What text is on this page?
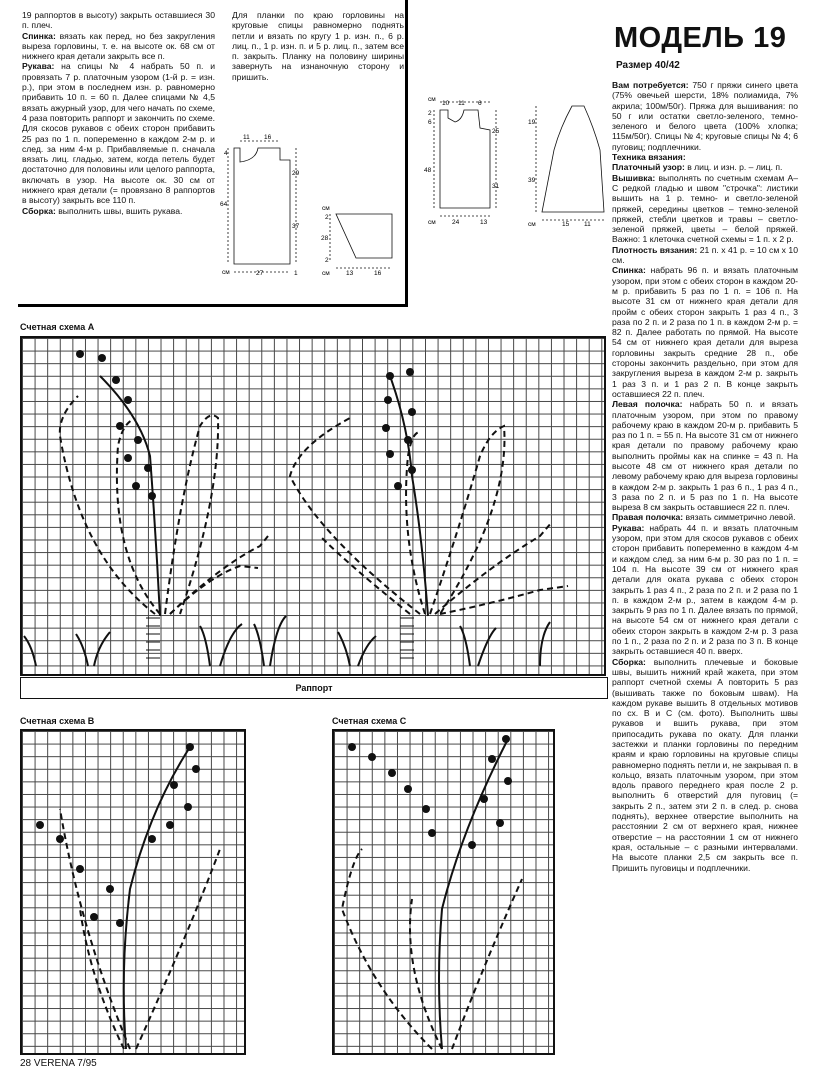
19 раппортов в высоту) закрыть оставшиеся 30 п. плеч.

Спинка: вязать как перед, но без закругления выреза горловины, т. е. на высоте ок. 68 см от нижнего края детали закрыть все п.

Рукава: на спицы № 4 набрать 50 п. и провязать 7 р. платочным узором (1-й р. = изн. р.), при этом в последнем изн. р. равномерно прибавить 10 п. = 60 п. Далее спицами № 4,5 вязать ажурный узор, для чего начать по схеме, 4 раза повторить раппорт и закончить по схеме. Для скосов рукавов с обеих сторон прибавить 25 раз по 1 п. попеременно в каждом 2-м р. и след. за ним 4-м р. Прибавляемые п. сначала вязать лиц. гладью, затем, когда петель будет достаточно для половины или целого раппорта, включать в узор. На высоте ок. 30 см от нижнего края детали (= провязано 8 раппортов в высоту) закрыть все 110 п.

Сборка: выполнить швы, вшить рукава.

Для планки по краю горловины на круговые спицы равномерно поднять петли и вязать по кругу 1 р. изн. п., 6 р. лиц. п., 1 р. изн. п. и 5 р. лиц. п., затем все п. закрыть. Планку на половину ширины завернуть на изнаночную сторону и пришить.

МОДЕЛЬ 19
Размер 40/42

Вам потребуется: 750 г пряжи синего цвета (75% овечьей шерсти, 18% полиамида, 7% акрила; 100м/50г). Пряжа для вышивания: по 50 г или остатки светло-зеленого, темно-зеленого и белого цвета (100% хлопка; 115м/50г). Спицы № 4; круговые спицы № 4; 6 пуговиц; подплечники.

Техника вязания:

Платочный узор: в лиц. и изн. р. – лиц. п.

Вышивка: выполнять по счетным схемам А–С редкой гладью и швом "строчка": листики вышить на 1 р. темно- и светло-зеленой пряжей, середины цветков – темно-зеленой пряжей, стебли цветков и травы – светло-зеленой пряжей, цветы – белой пряжей. Важно: 1 клеточка счетной схемы = 1 п. х 2 р.

Плотность вязания: 21 п. х 41 р. = 10 см х 10 см.

Спинка: набрать 96 п. и вязать платочным узором, при этом с обеих сторон в каждом 20-м р. прибавить 5 раз по 1 п. = 106 п. На высоте 31 см от нижнего края детали для пройм с обеих сторон закрыть 1 раз 4 п., 3 раза по 2 п. и 2 раза по 1 п. в каждом 2-м р. = 82 п. Далее работать по прямой. На высоте 54 см от нижнего края детали для выреза горловины закрыть средние 28 п., обе стороны закончить раздельно, при этом для закругления выреза в каждом 2-м р. закрыть 1 раз 3 п. и 1 раз 2 п. В конце закрыть оставшиеся 22 п. плеч.

Левая полочка: набрать 50 п. и вязать платочным узором, при этом по правому рабочему краю в каждом 20-м р. прибавить 5 раз по 1 п. = 55 п. На высоте 31 см от нижнего края детали по правому рабочему краю выполнить проймы как на спинке = 43 п. На высоте 48 см от нижнего края детали по левому рабочему краю для выреза горловины в каждом 2-м р. закрыть 1 раз 6 п., 1 раз 4 п., 3 раза по 2 п. и 5 раз по 1 п. На высоте выреза 8 см закрыть оставшиеся 22 п. плеч.

Правая полочка: вязать симметрично левой.

Рукава: набрать 44 п. и вязать платочным узором, при этом для скосов рукавов с обеих сторон прибавить попеременно в каждом 4-м и каждом след. за ним 6-м р. 30 раз по 1 п. = 104 п. На высоте 39 см от нижнего края детали для оката рукава с обеих сторон закрыть 1 раз 4 п., 2 раза по 2 п. и 2 раза по 1 п. в каждом 2-м р., затем в каждом 4-м р. закрыть 9 раз по 1 п. Далее вязать по прямой, на высоте 54 см от нижнего края детали с обеих сторон закрыть в каждом 2-м р. 3 раза по 1 п., 2 раза по 2 п. и 2 раза по 3 п. В конце закрыть оставшиеся 40 п. вверх.

Сборка: выполнить плечевые и боковые швы, вышить нижний край жакета, при этом раппорт счетной схемы А повторить 5 раз (вышивать также по боковым швам). На каждом рукаве вышить 8 отдельных мотивов по сх. В и С (см. фото). Выполнить швы рукавов и вшить рукава, при этом припосадить рукава по окату. Для планки застежки и планки горловины по передним краям и краю горловины на круговые спицы равномерно поднять петли и, не закрывая п. в кольцо, вязать платочным узором, при этом вдоль правого переднего края после 2 р. выполнить 6 отверстий для пуговиц (= закрыть 2 п., затем эти 2 п. в след. р. снова поднять), верхнее отверстие выполнить на расстоянии 2 см от верхнего края, нижнее отверстие – на расстоянии 1 см от нижнего края, остальные – с разными интервалами. На высоте планки 2,5 см закрыть все п. Пришить пуговицы и подплечники.

см
11 16
4
64
29
37
27	1
см
2
28
2
см	13	16
см
10 11 6
2
6
48
25
31
см	24	13
19
39
см	15 11
Счетная схема А
Счетная схема В	Счетная схема С
Раппорт
28 VERENA 7/95
